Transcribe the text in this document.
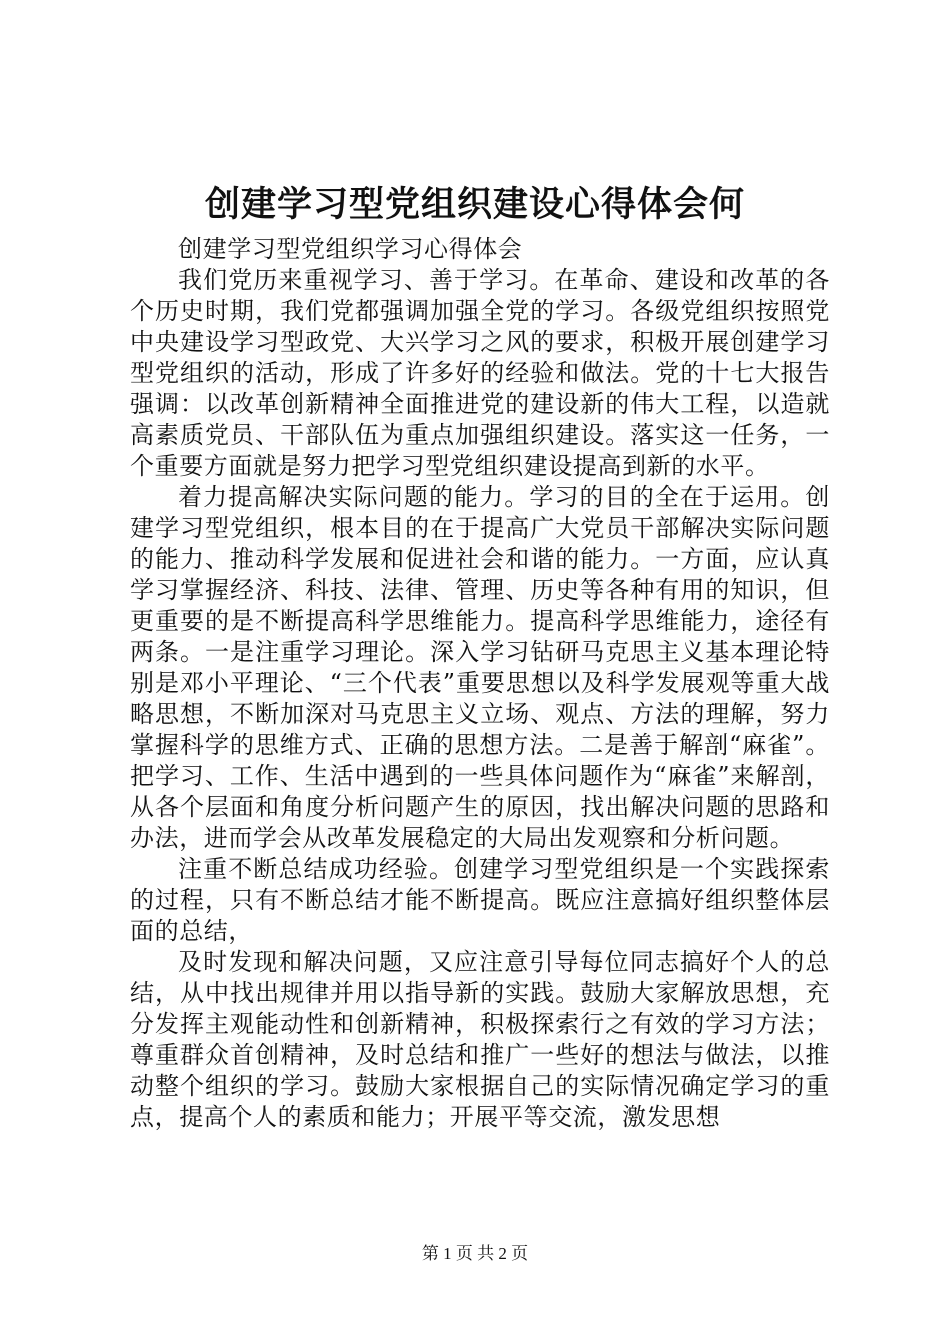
创建学习型党组织建设心得体会何

创建学习型党组织学习心得体会

我们党历来重视学习、善于学习。在革命、建设和改革的各个历史时期，我们党都强调加强全党的学习。各级党组织按照党中央建设学习型政党、大兴学习之风的要求，积极开展创建学习型党组织的活动，形成了许多好的经验和做法。党的十七大报告强调：以改革创新精神全面推进党的建设新的伟大工程，以造就高素质党员、干部队伍为重点加强组织建设。落实这一任务，一个重要方面就是努力把学习型党组织建设提高到新的水平。

着力提高解决实际问题的能力。学习的目的全在于运用。创建学习型党组织，根本目的在于提高广大党员干部解决实际问题的能力、推动科学发展和促进社会和谐的能力。一方面，应认真学习掌握经济、科技、法律、管理、历史等各种有用的知识，但更重要的是不断提高科学思维能力。提高科学思维能力，途径有两条。一是注重学习理论。深入学习钻研马克思主义基本理论特别是邓小平理论、“三个代表”重要思想以及科学发展观等重大战略思想，不断加深对马克思主义立场、观点、方法的理解，努力掌握科学的思维方式、正确的思想方法。二是善于解剖“麻雀”。把学习、工作、生活中遇到的一些具体问题作为“麻雀”来解剖，从各个层面和角度分析问题产生的原因，找出解决问题的思路和办法，进而学会从改革发展稳定的大局出发观察和分析问题。

注重不断总结成功经验。创建学习型党组织是一个实践探索的过程，只有不断总结才能不断提高。既应注意搞好组织整体层面的总结，

及时发现和解决问题，又应注意引导每位同志搞好个人的总结，从中找出规律并用以指导新的实践。鼓励大家解放思想，充分发挥主观能动性和创新精神，积极探索行之有效的学习方法；尊重群众首创精神，及时总结和推广一些好的想法与做法，以推动整个组织的学习。鼓励大家根据自己的实际情况确定学习的重点，提高个人的素质和能力；开展平等交流，激发思想

第 1 页 共 2 页
